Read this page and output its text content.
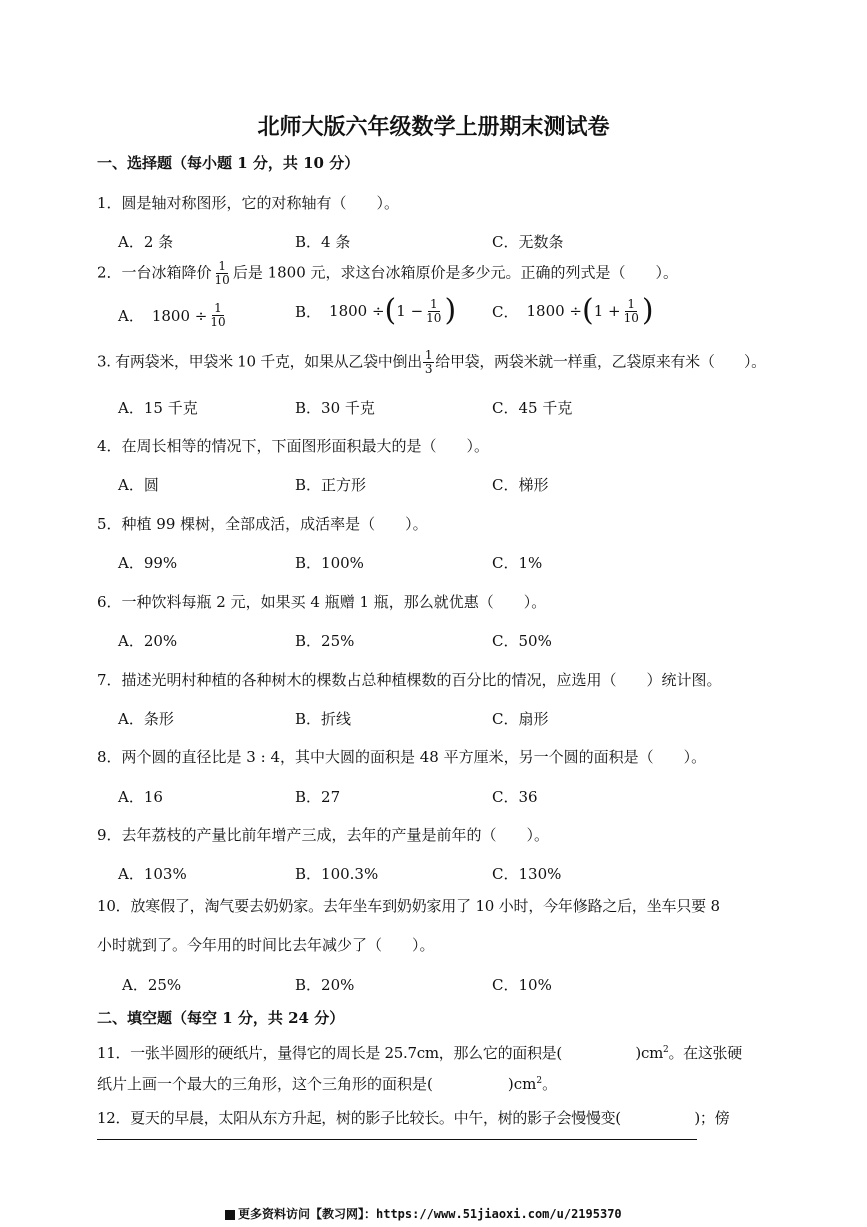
北师大版六年级数学上册期末测试卷
一、选择题（每小题 1 分，共 10 分）
1．圆是轴对称图形，它的对称轴有（　　）。
A．2 条	B．4 条	C．无数条
2．一台冰箱降价 $\frac{1}{10}$ 后是 1800 元，求这台冰箱原价是多少元。正确的列式是（　　）。
A． $1800 \div \frac{1}{10}$	B． 1800 ÷ ( $1 - \frac{1}{10}$ ) C． 1800 ÷ ( $1 + \frac{1}{10}$ )
3. 有两袋米，甲袋米 10 千克，如果从乙袋中倒出 $\frac{1}{3}$ 给甲袋，两袋米就一样重，乙袋原来有米（　　）。
A．15 千克	B．30 千克	C．45 千克
4．在周长相等的情况下，下面图形面积最大的是（　　）。
A．圆	B．正方形	C．梯形
5．种植 99 棵树，全部成活，成活率是（　　）。
A．99%	B．100%	C．1%
6．一种饮料每瓶 2 元，如果买 4 瓶赠 1 瓶，那么就优惠（　　）。
A．20%	B．25%	C．50%
7．描述光明村种植的各种树木的棵数占总种植棵数的百分比的情况，应选用（　　）统计图。
A．条形	B．折线	C．扇形
8．两个圆的直径比是 3 : 4，其中大圆的面积是 48 平方厘米，另一个圆的面积是（　　）。
A．16	B．27	C．36
9．去年荔枝的产量比前年增产三成，去年的产量是前年的（　　）。
A．103%	B．100.3%	C．130%
10．放寒假了，淘气要去奶奶家。去年坐车到奶奶家用了 10 小时，今年修路之后，坐车只要 8
小时就到了。今年用的时间比去年减少了（　　）。
A．25%	B．20%	C．10%
二、填空题（每空 1 分，共 24 分）
11．一张半圆形的硬纸片，量得它的周长是 25.7cm，那么它的面积是(　　　　　)$cm^2$。在这张硬
纸片上画一个最大的三角形，这个三角形的面积是(　　　　　)$cm^2$。
12．夏天的早晨，太阳从东方升起，树的影子比较长。中午，树的影子会慢慢变(　　　　　)；傍
更多资料访问【教习网】：https://www.51jiaoxi.com/u/2195370
